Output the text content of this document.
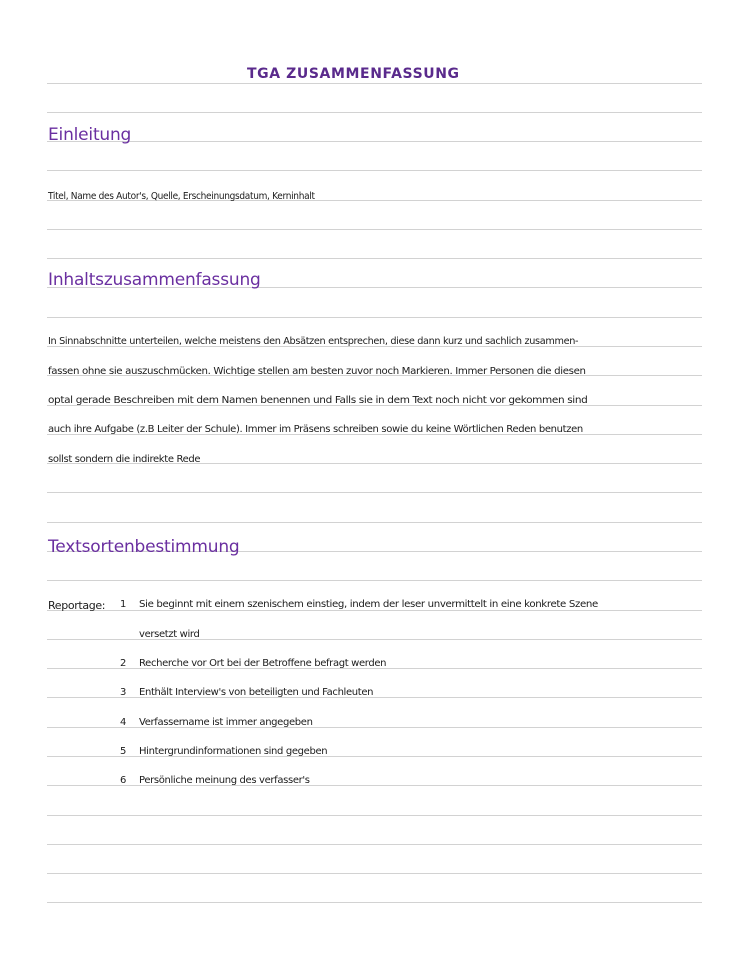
TGA ZUSAMMENFASSUNG
Einleitung
Titel, Name des Autor's, Quelle, Erscheinungsdatum, Kerninhalt
Inhaltszusammenfassung
In Sinnabschnitte unterteilen, welche meistens den Absätzen entsprechen, diese dann kurz und sachlich zusammen-
fassen ohne sie auszuschmücken. Wichtige stellen am besten zuvor noch Markieren. Immer Personen die diesen
optal gerade Beschreiben mit dem Namen benennen und Falls sie in dem Text noch nicht vor gekommen sind
auch ihre Aufgabe (z.B Leiter der Schule). Immer im Präsens schreiben sowie du keine Wörtlichen Reden benutzen
sollst sondern die indirekte Rede
Textsortenbestimmung
Reportage: 1 Sie beginnt mit einem szenischem einstieg, indem der leser unvermittelt in eine konkrete Szene
versetzt wird
2 Recherche vor Ort bei der Betroffene befragt werden
3 Enthält Interview's von beteiligten und Fachleuten
4 Verfassername ist immer angegeben
5 Hintergrundinformationen sind gegeben
6 Persönliche meinung des verfasser's
